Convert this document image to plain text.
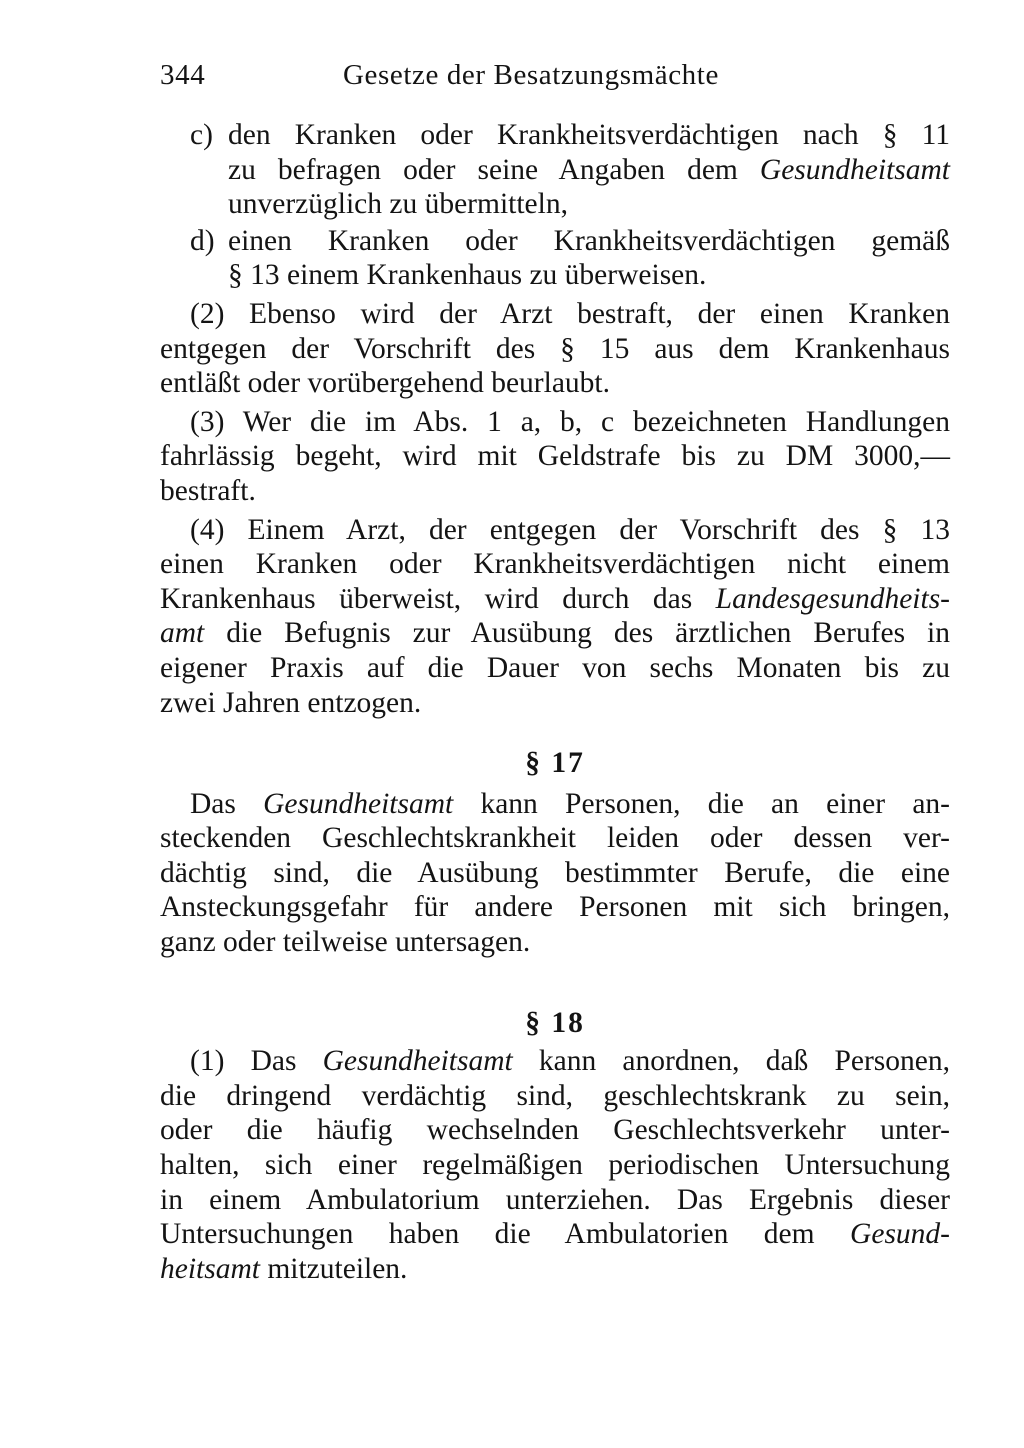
344	Gesetze der Besatzungsmächte
c) den Kranken oder Krankheitsverdächtigen nach § 11
zu befragen oder seine Angaben dem Gesundheitsamt
unverzüglich zu übermitteln,
d) einen Kranken oder Krankheitsverdächtigen gemäß
§ 13 einem Krankenhaus zu überweisen.
(2) Ebenso wird der Arzt bestraft, der einen Kranken
entgegen der Vorschrift des § 15 aus dem Krankenhaus
entläßt oder vorübergehend beurlaubt.
(3) Wer die im Abs. 1 a, b, c bezeichneten Handlungen
fahrlässig begeht, wird mit Geldstrafe bis zu DM 3000,—
bestraft.
(4) Einem Arzt, der entgegen der Vorschrift des § 13
einen Kranken oder Krankheitsverdächtigen nicht einem
Krankenhaus überweist, wird durch das Landesgesundheits-
amt die Befugnis zur Ausübung des ärztlichen Berufes in
eigener Praxis auf die Dauer von sechs Monaten bis zu
zwei Jahren entzogen.
§ 17
Das Gesundheitsamt kann Personen, die an einer an-
steckenden Geschlechtskrankheit leiden oder dessen ver-
dächtig sind, die Ausübung bestimmter Berufe, die eine
Ansteckungsgefahr für andere Personen mit sich bringen,
ganz oder teilweise untersagen.
§ 18
(1) Das Gesundheitsamt kann anordnen, daß Personen,
die dringend verdächtig sind, geschlechtskrank zu sein,
oder die häufig wechselnden Geschlechtsverkehr unter-
halten, sich einer regelmäßigen periodischen Untersuchung
in einem Ambulatorium unterziehen. Das Ergebnis dieser
Untersuchungen haben die Ambulatorien dem Gesund-
heitsamt mitzuteilen.
